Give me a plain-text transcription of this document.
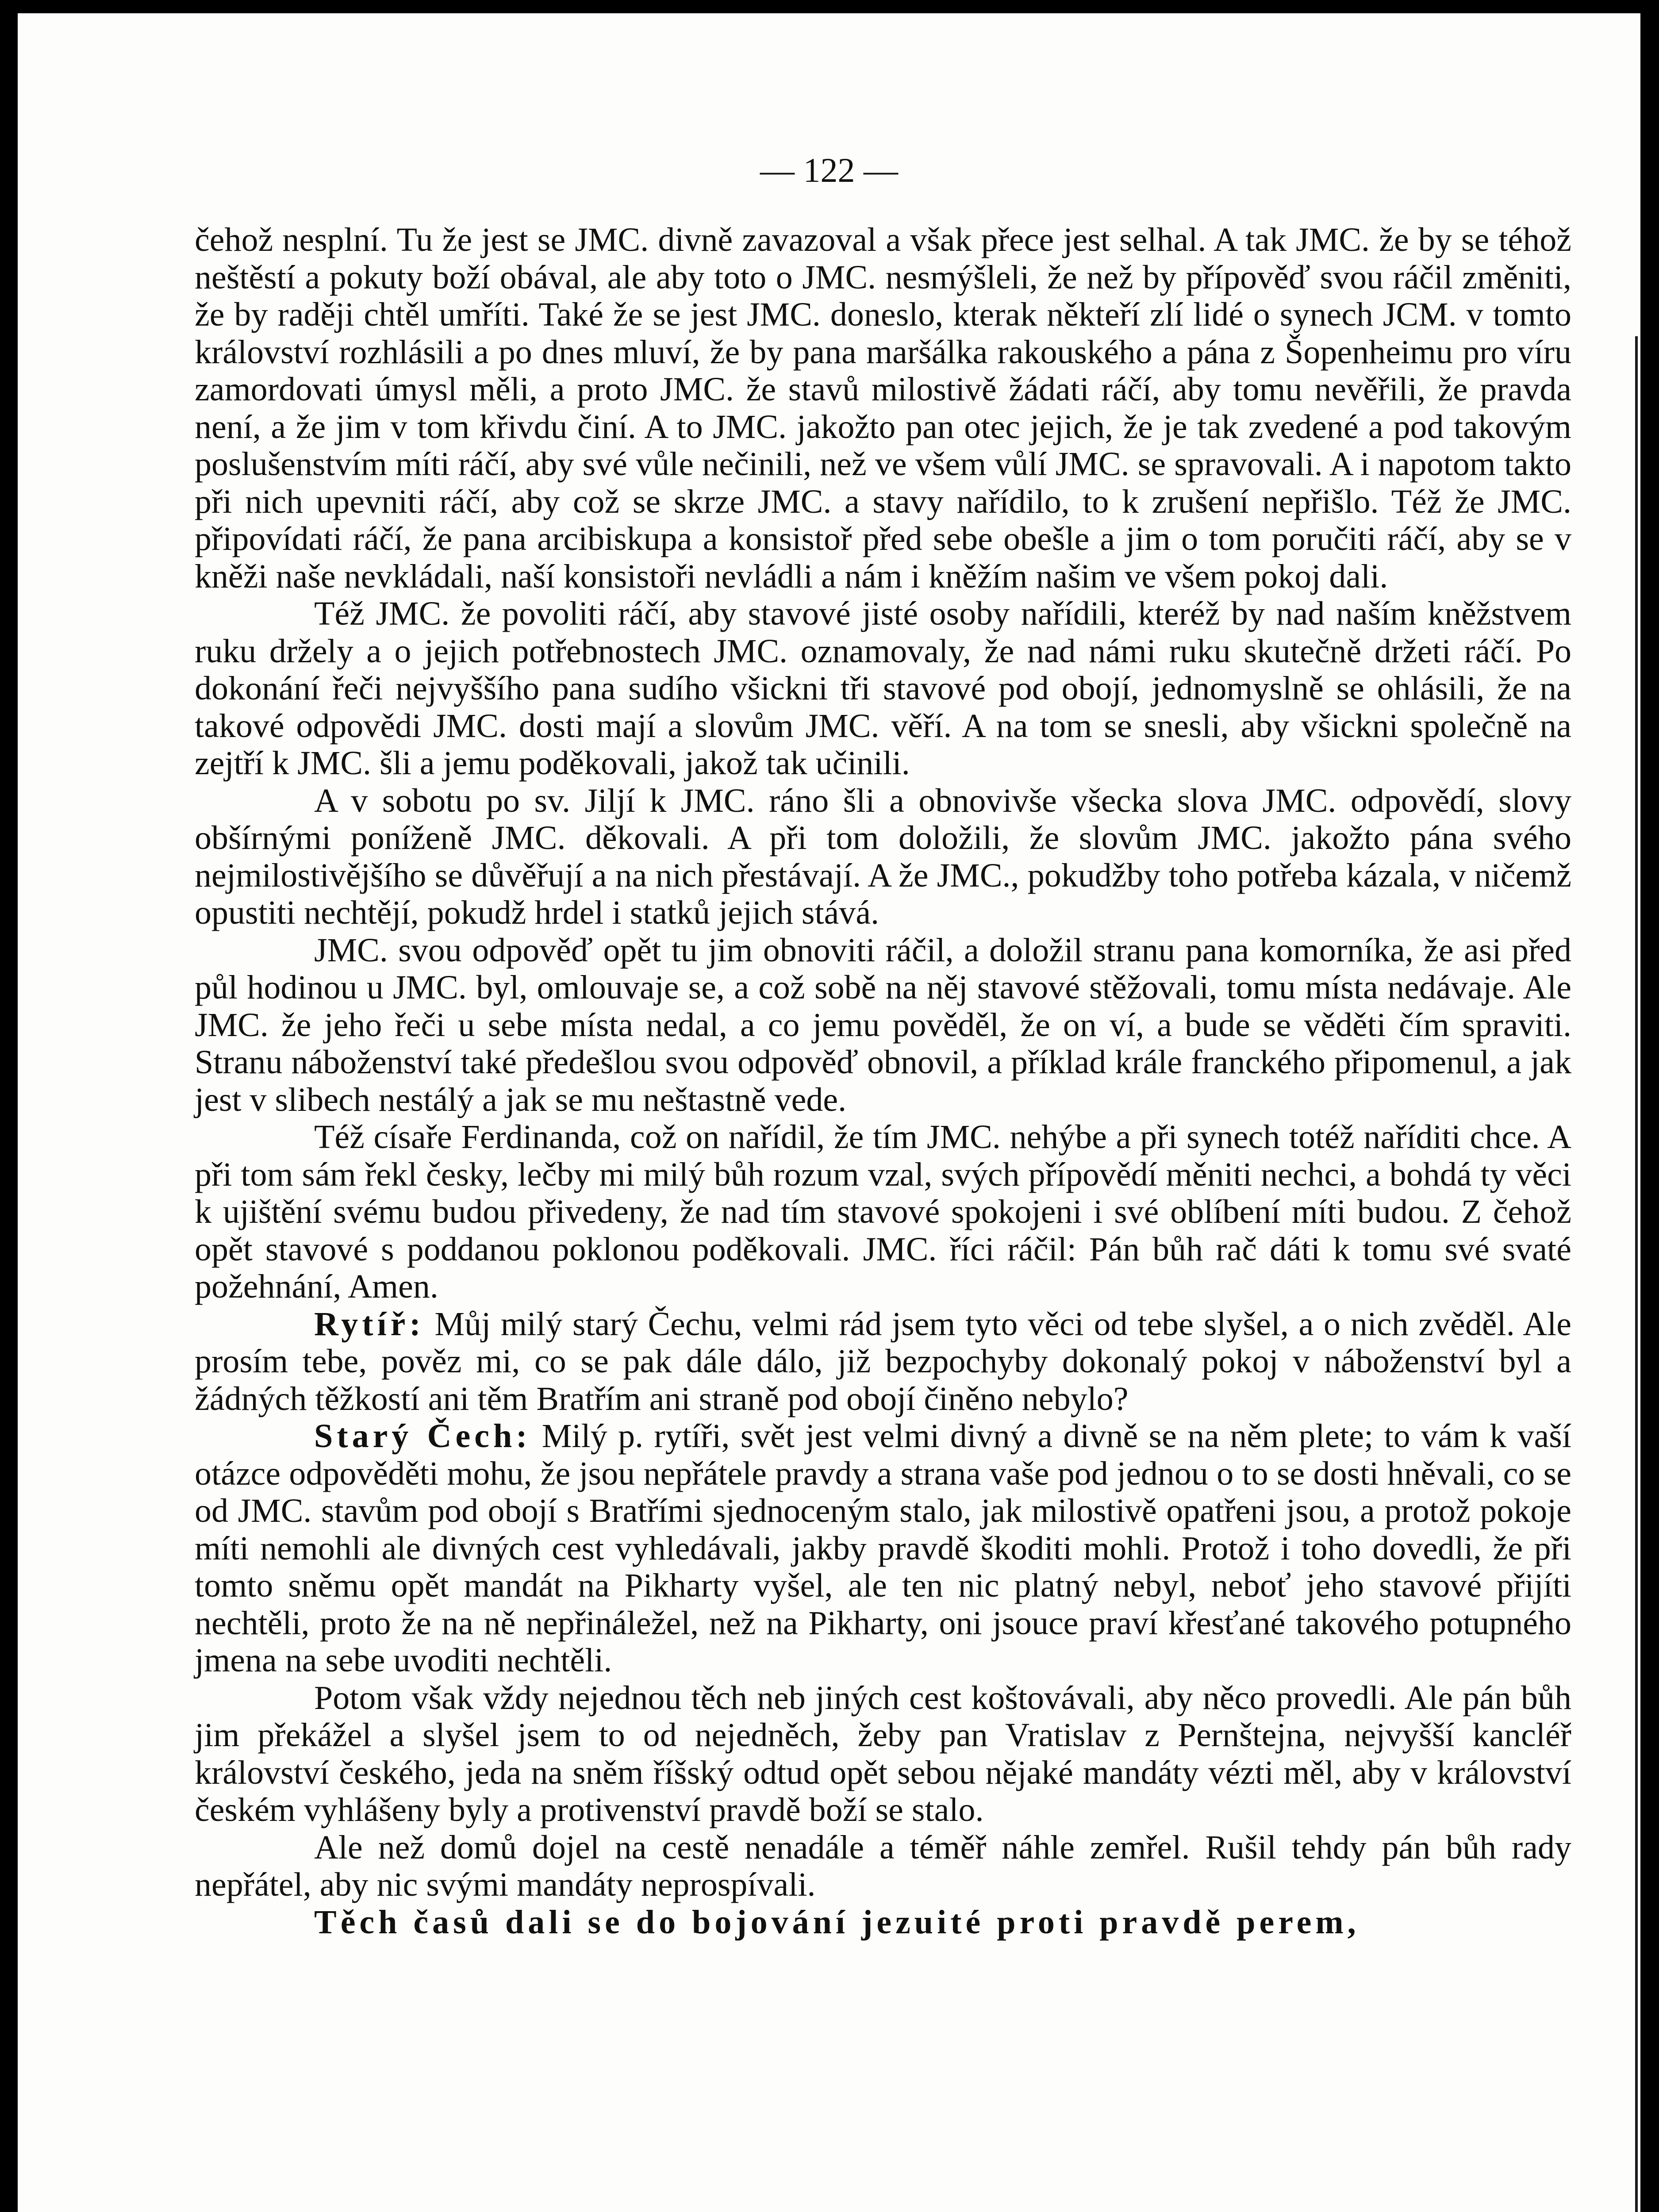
— 122 —

čehož nesplní. Tu že jest se JMC. divně zavazoval a však přece jest selhal. A tak JMC. že by se téhož neštěstí a pokuty boží obával, ale aby toto o JMC. nesmýšleli, že než by přípověď svou ráčil změniti, že by raději chtěl umříti. Také že se jest JMC. doneslo, kterak někteří zlí lidé o synech JCM. v tomto království rozhlásili a po dnes mluví, že by pana maršálka rakouského a pána z Šopenheimu pro víru zamordovati úmysl měli, a proto JMC. že stavů milostivě žádati ráčí, aby tomu nevěřili, že pravda není, a že jim v tom křivdu činí. A to JMC. jakožto pan otec jejich, že je tak zvedené a pod takovým poslušenstvím míti ráčí, aby své vůle nečinili, než ve všem vůlí JMC. se spravovali. A i napotom takto při nich upevniti ráčí, aby což se skrze JMC. a stavy nařídilo, to k zrušení nepřišlo. Též že JMC. připovídati ráčí, že pana arcibiskupa a konsistoř před sebe obešle a jim o tom poručiti ráčí, aby se v kněži naše nevkládali, naší konsistoři nevládli a nám i kněžím našim ve všem pokoj dali.

Též JMC. že povoliti ráčí, aby stavové jisté osoby nařídili, kteréž by nad naším kněžstvem ruku držely a o jejich potřebnostech JMC. oznamovaly, že nad námi ruku skutečně držeti ráčí. Po dokonání řeči nejvyššího pana sudího všickni tři stavové pod obojí, jednomyslně se ohlásili, že na takové odpovědi JMC. dosti mají a slovům JMC. věří. A na tom se snesli, aby všickni společně na zejtří k JMC. šli a jemu poděkovali, jakož tak učinili.

A v sobotu po sv. Jiljí k JMC. ráno šli a obnovivše všecka slova JMC. odpovědí, slovy obšírnými poníženě JMC. děkovali. A při tom doložili, že slovům JMC. jakožto pána svého nejmilostivějšího se důvěřují a na nich přestávají. A že JMC., pokudžby toho potřeba kázala, v ničemž opustiti nechtějí, pokudž hrdel i statků jejich stává.

JMC. svou odpověď opět tu jim obnoviti ráčil, a doložil stranu pana komorníka, že asi před půl hodinou u JMC. byl, omlouvaje se, a což sobě na něj stavové stěžovali, tomu místa nedávaje. Ale JMC. že jeho řeči u sebe místa nedal, a co jemu pověděl, že on ví, a bude se věděti čím spraviti. Stranu náboženství také předešlou svou odpověď obnovil, a příklad krále franckého připomenul, a jak jest v slibech nestálý a jak se mu neštastně vede.

Též císaře Ferdinanda, což on nařídil, že tím JMC. nehýbe a při synech totéž naříditi chce. A při tom sám řekl česky, lečby mi milý bůh rozum vzal, svých přípovědí měniti nechci, a bohdá ty věci k ujištění svému budou přivedeny, že nad tím stavové spokojeni i své oblíbení míti budou. Z čehož opět stavové s poddanou poklonou poděkovali. JMC. říci ráčil: Pán bůh rač dáti k tomu své svaté požehnání, Amen.

Rytíř: Můj milý starý Čechu, velmi rád jsem tyto věci od tebe slyšel, a o nich zvěděl. Ale prosím tebe, pověz mi, co se pak dále dálo, již bezpochyby dokonalý pokoj v náboženství byl a žádných těžkostí ani těm Bratřím ani straně pod obojí činěno nebylo?

Starý Čech: Milý p. rytíři, svět jest velmi divný a divně se na něm plete; to vám k vaší otázce odpověděti mohu, že jsou nepřátele pravdy a strana vaše pod jednou o to se dosti hněvali, co se od JMC. stavům pod obojí s Bratřími sjednoceným stalo, jak milostivě opatřeni jsou, a protož pokoje míti nemohli ale divných cest vyhledávali, jakby pravdě škoditi mohli. Protož i toho dovedli, že při tomto sněmu opět mandát na Pikharty vyšel, ale ten nic platný nebyl, neboť jeho stavové přijíti nechtěli, proto že na ně nepřináležel, než na Pikharty, oni jsouce praví křesťané takového potupného jmena na sebe uvoditi nechtěli.

Potom však vždy nejednou těch neb jiných cest koštovávali, aby něco provedli. Ale pán bůh jim překážel a slyšel jsem to od nejedněch, žeby pan Vratislav z Pernštejna, nejvyšší kancléř království českého, jeda na sněm říšský odtud opět sebou nějaké mandáty vézti měl, aby v království českém vyhlášeny byly a protivenství pravdě boží se stalo.

Ale než domů dojel na cestě nenadále a téměř náhle zemřel. Rušil tehdy pán bůh rady nepřátel, aby nic svými mandáty neprospívali.

Těch časů dali se do bojování jezuité proti pravdě perem,
